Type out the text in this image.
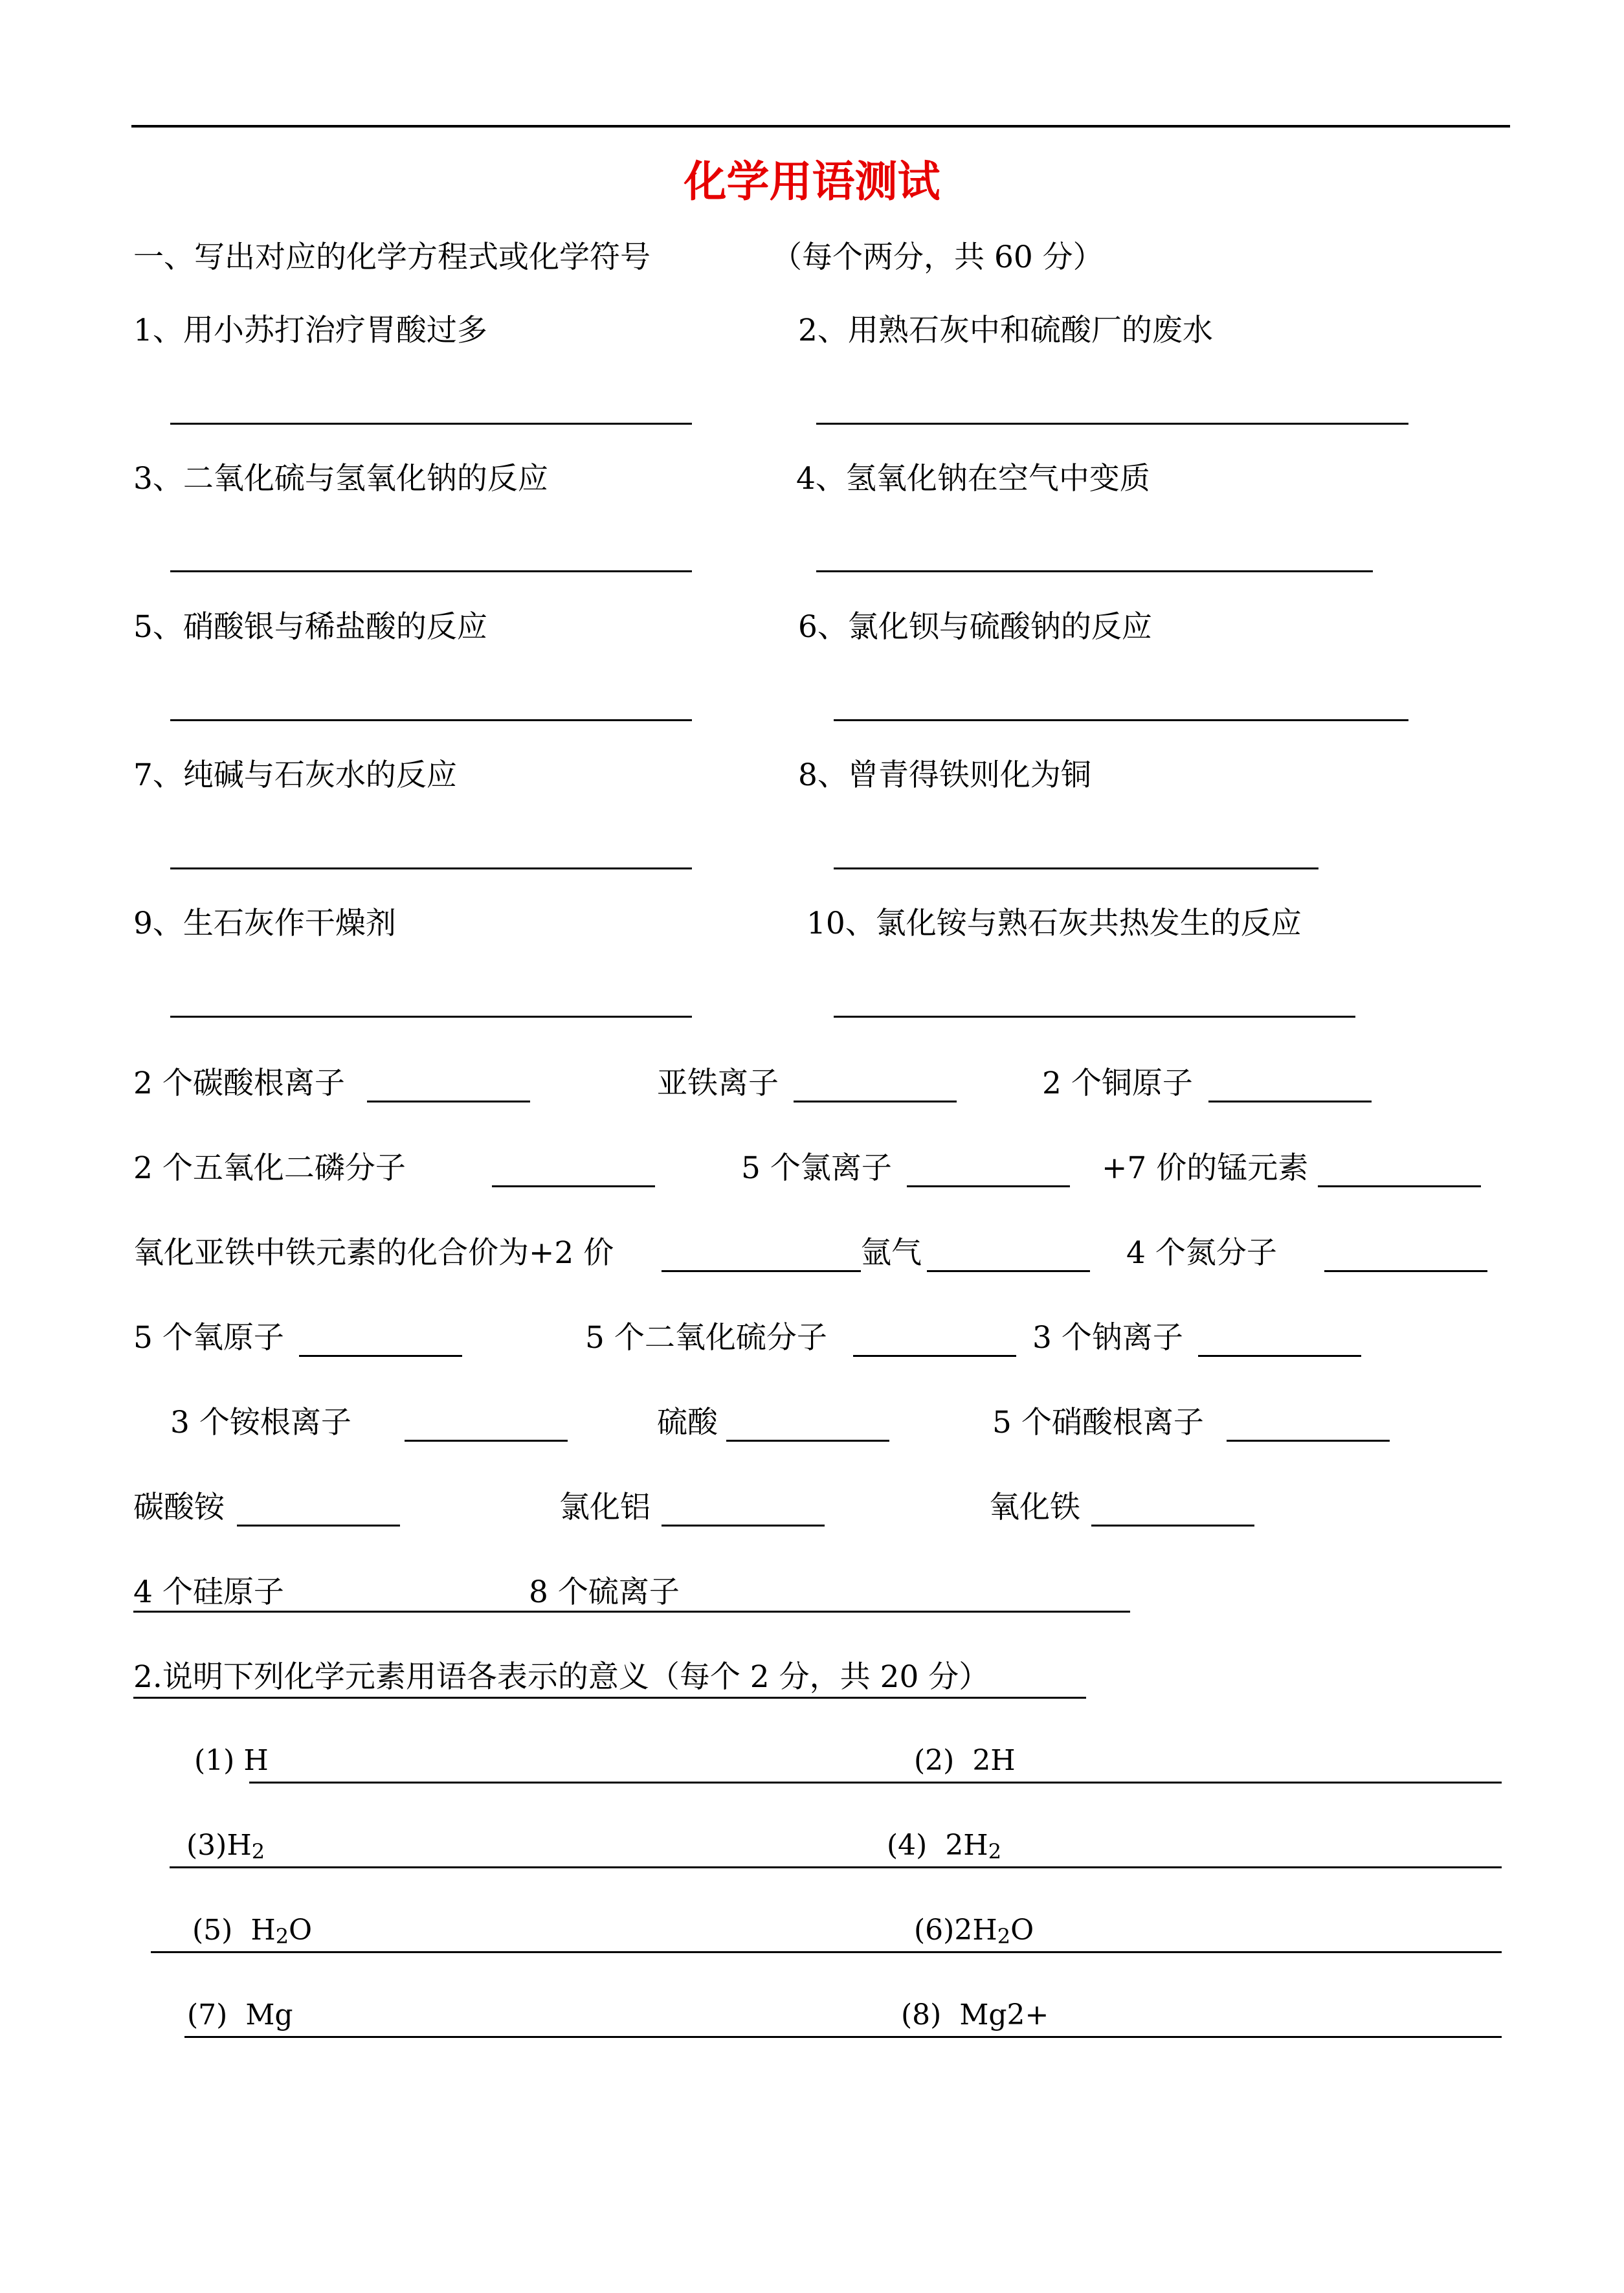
化学用语测试
一、写出对应的化学方程式或化学符号	（每个两分，共 60 分）
1、用小苏打治疗胃酸过多	2、用熟石灰中和硫酸厂的废水
3、二氧化硫与氢氧化钠的反应	4、氢氧化钠在空气中变质
5、硝酸银与稀盐酸的反应	6、氯化钡与硫酸钠的反应
7、纯碱与石灰水的反应	8、曾青得铁则化为铜
9、生石灰作干燥剂	10、氯化铵与熟石灰共热发生的反应
2 个碳酸根离子	亚铁离子	2 个铜原子
2 个五氧化二磷分子	5 个氯离子	+7 价的锰元素
氧化亚铁中铁元素的化合价为+2 价	氩气	4 个氮分子
5 个氧原子	5 个二氧化硫分子	3 个钠离子
3 个铵根离子	硫酸	5 个硝酸根离子
碳酸铵	氯化铝	氧化铁
4 个硅原子	8 个硫离子
2.说明下列化学元素用语各表示的意义（每个 2 分，共 20 分）
(1) H	(2) 2H
$(3)H_2$	(4) $2H_2$
(5) $H_2O$	$(6)2H_2O$
(7) Mg	(8) Mg2+
